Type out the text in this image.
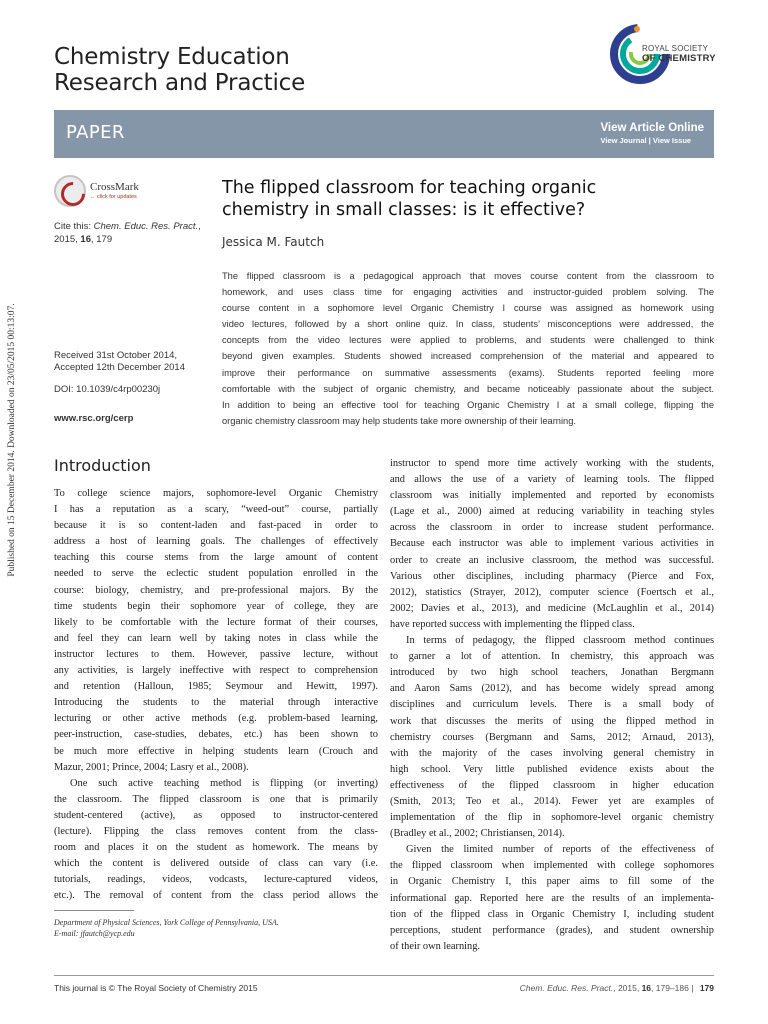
Published on 15 December 2014. Downloaded on 23/05/2015 00:13:07.
Chemistry Education
Research and Practice
ROYAL SOCIETY
OF CHEMISTRY
PAPER	View Article Online
View Journal | View Issue
CrossMark
← click for updates
Cite this: Chem. Educ. Res. Pract.,
2015, 16, 179
Received 31st October 2014,
Accepted 12th December 2014
DOI: 10.1039/c4rp00230j
www.rsc.org/cerp
The flipped classroom for teaching organic
chemistry in small classes: is it effective?
Jessica M. Fautch
The flipped classroom is a pedagogical approach that moves course content from the classroom to
homework, and uses class time for engaging activities and instructor-guided problem solving. The
course content in a sophomore level Organic Chemistry I course was assigned as homework using
video lectures, followed by a short online quiz. In class, students’ misconceptions were addressed, the
concepts from the video lectures were applied to problems, and students were challenged to think
beyond given examples. Students showed increased comprehension of the material and appeared to
improve their performance on summative assessments (exams). Students reported feeling more
comfortable with the subject of organic chemistry, and became noticeably passionate about the subject.
In addition to being an effective tool for teaching Organic Chemistry I at a small college, flipping the
organic chemistry classroom may help students take more ownership of their learning.
Introduction
To college science majors, sophomore-level Organic Chemistry
I has a reputation as a scary, “weed-out” course, partially
because it is so content-laden and fast-paced in order to
address a host of learning goals. The challenges of effectively
teaching this course stems from the large amount of content
needed to serve the eclectic student population enrolled in the
course: biology, chemistry, and pre-professional majors. By the
time students begin their sophomore year of college, they are
likely to be comfortable with the lecture format of their courses,
and feel they can learn well by taking notes in class while the
instructor lectures to them. However, passive lecture, without
any activities, is largely ineffective with respect to comprehension
and retention (Halloun, 1985; Seymour and Hewitt, 1997).
Introducing the students to the material through interactive
lecturing or other active methods (e.g. problem-based learning,
peer-instruction, case-studies, debates, etc.) has been shown to
be much more effective in helping students learn (Crouch and
Mazur, 2001; Prince, 2004; Lasry et al., 2008).
One such active teaching method is flipping (or inverting)
the classroom. The flipped classroom is one that is primarily
student-centered (active), as opposed to instructor-centered
(lecture). Flipping the class removes content from the class-
room and places it on the student as homework. The means by
which the content is delivered outside of class can vary (i.e.
tutorials, readings, videos, vodcasts, lecture-captured videos,
etc.). The removal of content from the class period allows the
instructor to spend more time actively working with the students,
and allows the use of a variety of learning tools. The flipped
classroom was initially implemented and reported by economists
(Lage et al., 2000) aimed at reducing variability in teaching styles
across the classroom in order to increase student performance.
Because each instructor was able to implement various activities in
order to create an inclusive classroom, the method was successful.
Various other disciplines, including pharmacy (Pierce and Fox,
2012), statistics (Strayer, 2012), computer science (Foertsch et al.,
2002; Davies et al., 2013), and medicine (McLaughlin et al., 2014)
have reported success with implementing the flipped class.
In terms of pedagogy, the flipped classroom method continues
to garner a lot of attention. In chemistry, this approach was
introduced by two high school teachers, Jonathan Bergmann
and Aaron Sams (2012), and has become widely spread among
disciplines and curriculum levels. There is a small body of
work that discusses the merits of using the flipped method in
chemistry courses (Bergmann and Sams, 2012; Arnaud, 2013),
with the majority of the cases involving general chemistry in
high school. Very little published evidence exists about the
effectiveness of the flipped classroom in higher education
(Smith, 2013; Teo et al., 2014). Fewer yet are examples of
implementation of the flip in sophomore-level organic chemistry
(Bradley et al., 2002; Christiansen, 2014).
Given the limited number of reports of the effectiveness of
the flipped classroom when implemented with college sophomores
in Organic Chemistry I, this paper aims to fill some of the
informational gap. Reported here are the results of an implementa-
tion of the flipped class in Organic Chemistry I, including student
perceptions, student performance (grades), and student ownership
of their own learning.
Department of Physical Sciences, York College of Pennsylvania, USA.
E-mail: jfautch@ycp.edu
This journal is © The Royal Society of Chemistry 2015	Chem. Educ. Res. Pract., 2015, 16, 179–186 | 179
